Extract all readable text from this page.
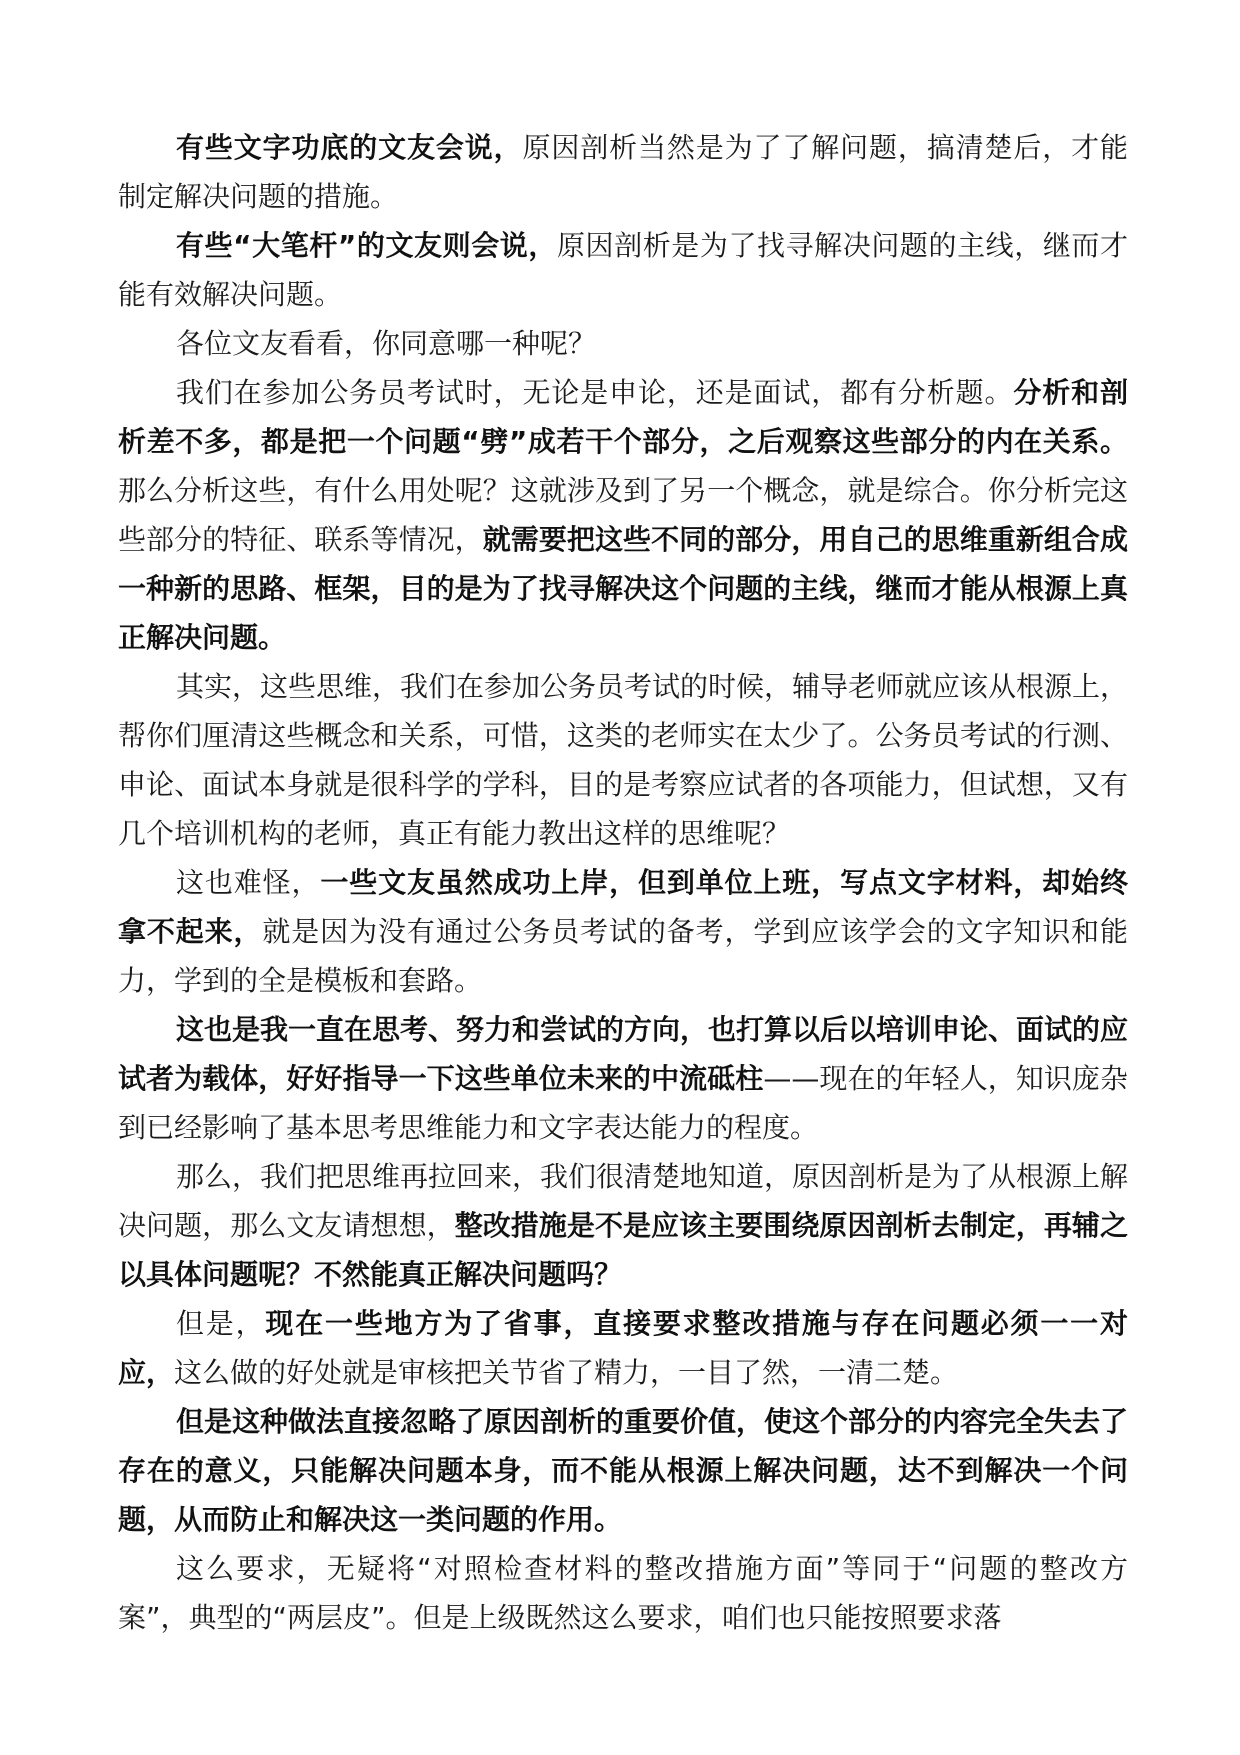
有些文字功底的文友会说，原因剖析当然是为了了解问题，搞清楚后，才能制定解决问题的措施。

有些“大笔杆”的文友则会说，原因剖析是为了找寻解决问题的主线，继而才能有效解决问题。

各位文友看看，你同意哪一种呢？

我们在参加公务员考试时，无论是申论，还是面试，都有分析题。分析和剖析差不多，都是把一个问题“劈”成若干个部分，之后观察这些部分的内在关系。那么分析这些，有什么用处呢？这就涉及到了另一个概念，就是综合。你分析完这些部分的特征、联系等情况，就需要把这些不同的部分，用自己的思维重新组合成一种新的思路、框架，目的是为了找寻解决这个问题的主线，继而才能从根源上真正解决问题。

其实，这些思维，我们在参加公务员考试的时候，辅导老师就应该从根源上，帮你们厘清这些概念和关系，可惜，这类的老师实在太少了。公务员考试的行测、申论、面试本身就是很科学的学科，目的是考察应试者的各项能力，但试想，又有几个培训机构的老师，真正有能力教出这样的思维呢？

这也难怪，一些文友虽然成功上岸，但到单位上班，写点文字材料，却始终拿不起来，就是因为没有通过公务员考试的备考，学到应该学会的文字知识和能力，学到的全是模板和套路。

这也是我一直在思考、努力和尝试的方向，也打算以后以培训申论、面试的应试者为载体，好好指导一下这些单位未来的中流砥柱——现在的年轻人，知识庞杂到已经影响了基本思考思维能力和文字表达能力的程度。

那么，我们把思维再拉回来，我们很清楚地知道，原因剖析是为了从根源上解决问题，那么文友请想想，整改措施是不是应该主要围绕原因剖析去制定，再辅之以具体问题呢？不然能真正解决问题吗？

但是，现在一些地方为了省事，直接要求整改措施与存在问题必须一一对应，这么做的好处就是审核把关节省了精力，一目了然，一清二楚。

但是这种做法直接忽略了原因剖析的重要价值，使这个部分的内容完全失去了存在的意义，只能解决问题本身，而不能从根源上解决问题，达不到解决一个问题，从而防止和解决这一类问题的作用。

这么要求，无疑将“对照检查材料的整改措施方面”等同于“问题的整改方案”，典型的“两层皮”。但是上级既然这么要求，咱们也只能按照要求落
